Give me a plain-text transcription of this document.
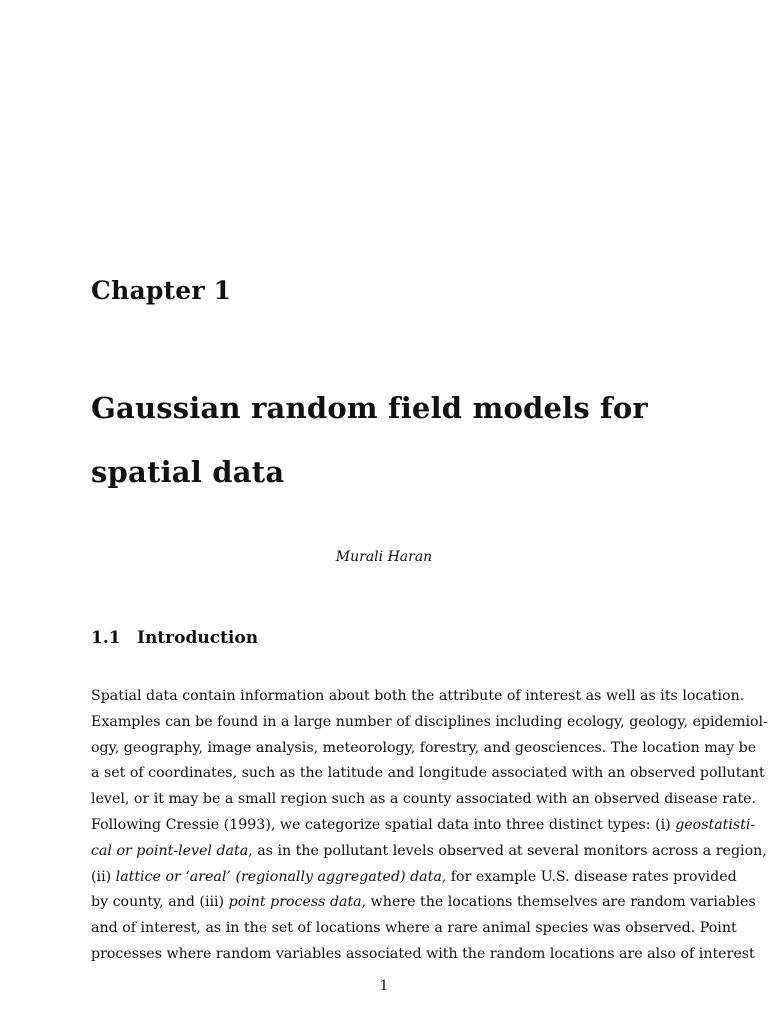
Chapter 1
Gaussian random field models for
spatial data

Murali Haran

1.1 Introduction
Spatial data contain information about both the attribute of interest as well as its location.
Examples can be found in a large number of disciplines including ecology, geology, epidemiol-
ogy, geography, image analysis, meteorology, forestry, and geosciences. The location may be
a set of coordinates, such as the latitude and longitude associated with an observed pollutant
level, or it may be a small region such as a county associated with an observed disease rate.
Following Cressie (1993), we categorize spatial data into three distinct types: (i) geostatisti-
cal or point-level data, as in the pollutant levels observed at several monitors across a region,
(ii) lattice or ‘areal’ (regionally aggregated) data, for example U.S. disease rates provided
by county, and (iii) point process data, where the locations themselves are random variables
and of interest, as in the set of locations where a rare animal species was observed. Point
processes where random variables associated with the random locations are also of interest

1
